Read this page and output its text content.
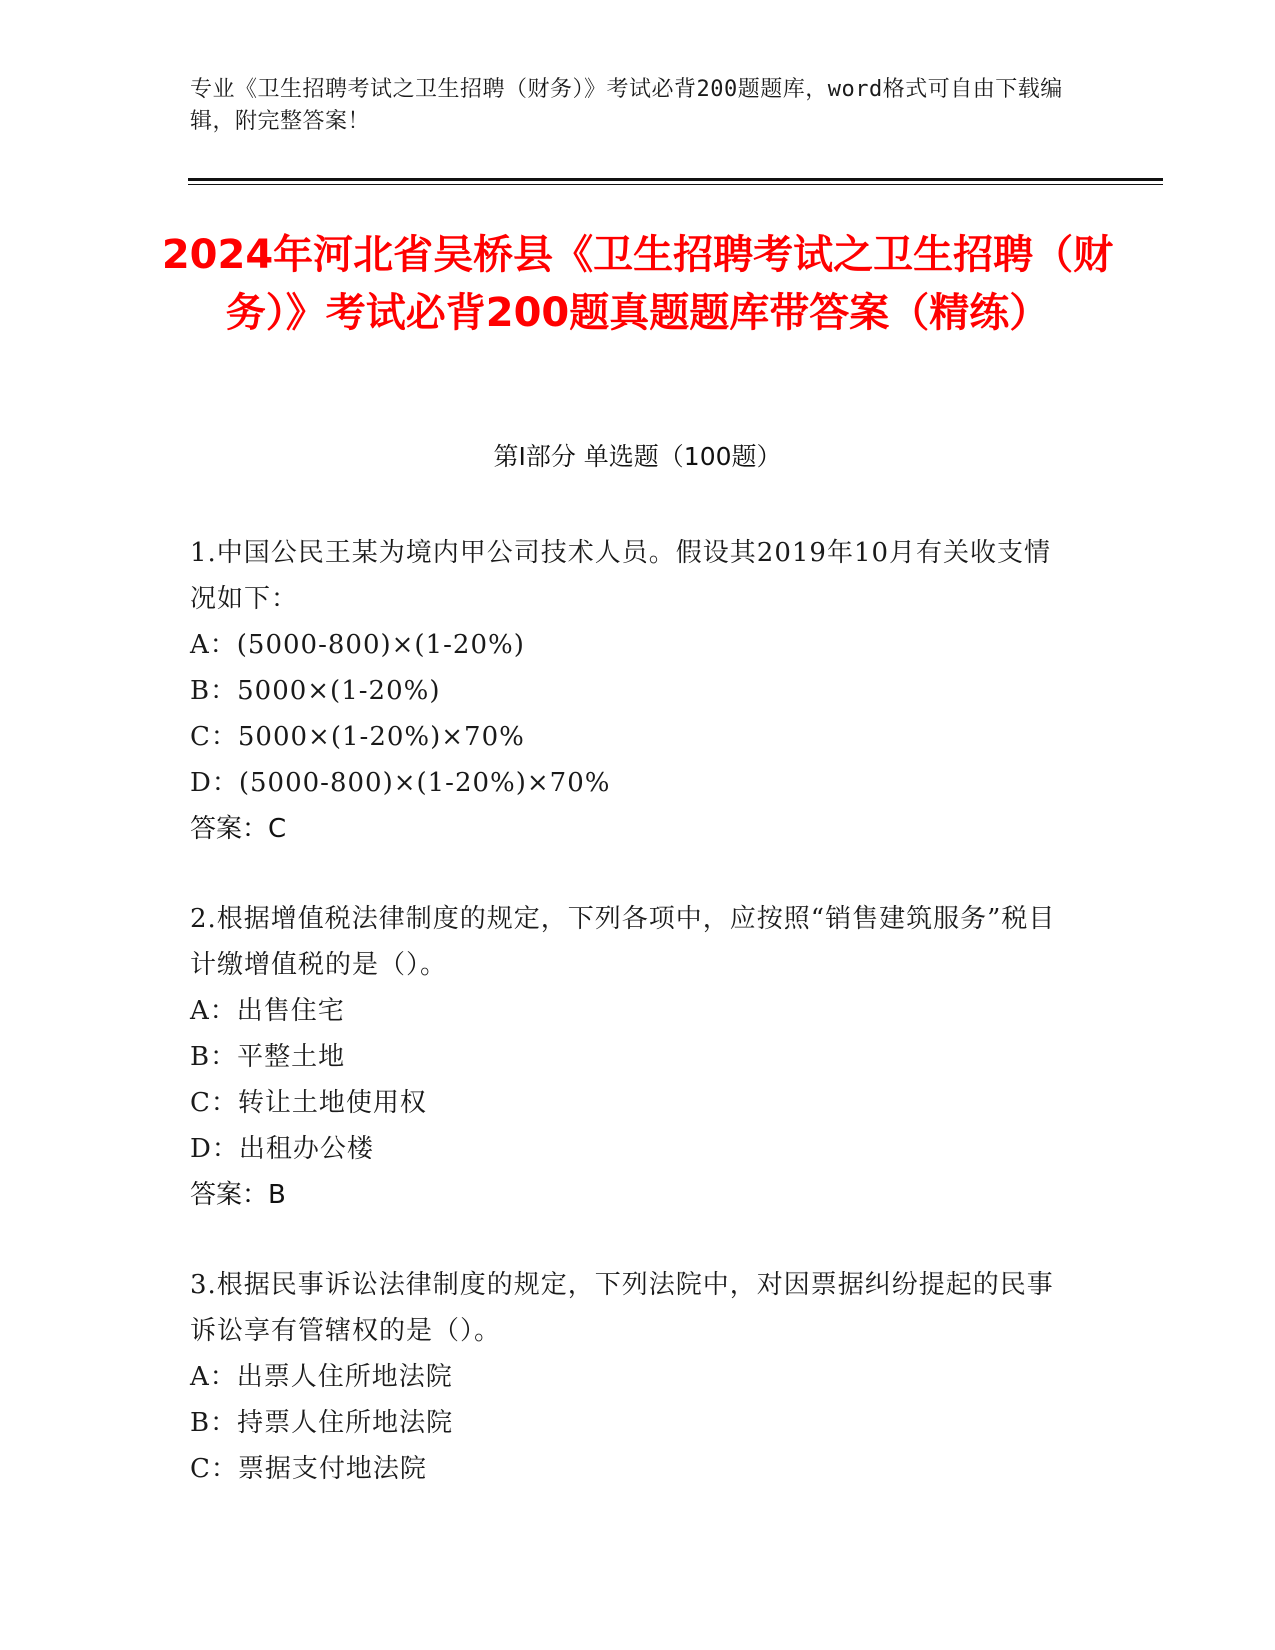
专业《卫生招聘考试之卫生招聘（财务）》考试必背200题题库，word格式可自由下载编辑，附完整答案！
2024年河北省吴桥县《卫生招聘考试之卫生招聘（财务）》考试必背200题真题题库带答案（精练）
第Ⅰ部分 单选题（100题）
1.中国公民王某为境内甲公司技术人员。假设其2019年10月有关收支情况如下：
A：(5000-800)×(1-20%)
B：5000×(1-20%)
C：5000×(1-20%)×70%
D：(5000-800)×(1-20%)×70%
答案：C
2.根据增值税法律制度的规定，下列各项中，应按照“销售建筑服务”税目计缴增值税的是（）。
A：出售住宅
B：平整土地
C：转让土地使用权
D：出租办公楼
答案：B
3.根据民事诉讼法律制度的规定，下列法院中，对因票据纠纷提起的民事诉讼享有管辖权的是（）。
A：出票人住所地法院
B：持票人住所地法院
C：票据支付地法院
